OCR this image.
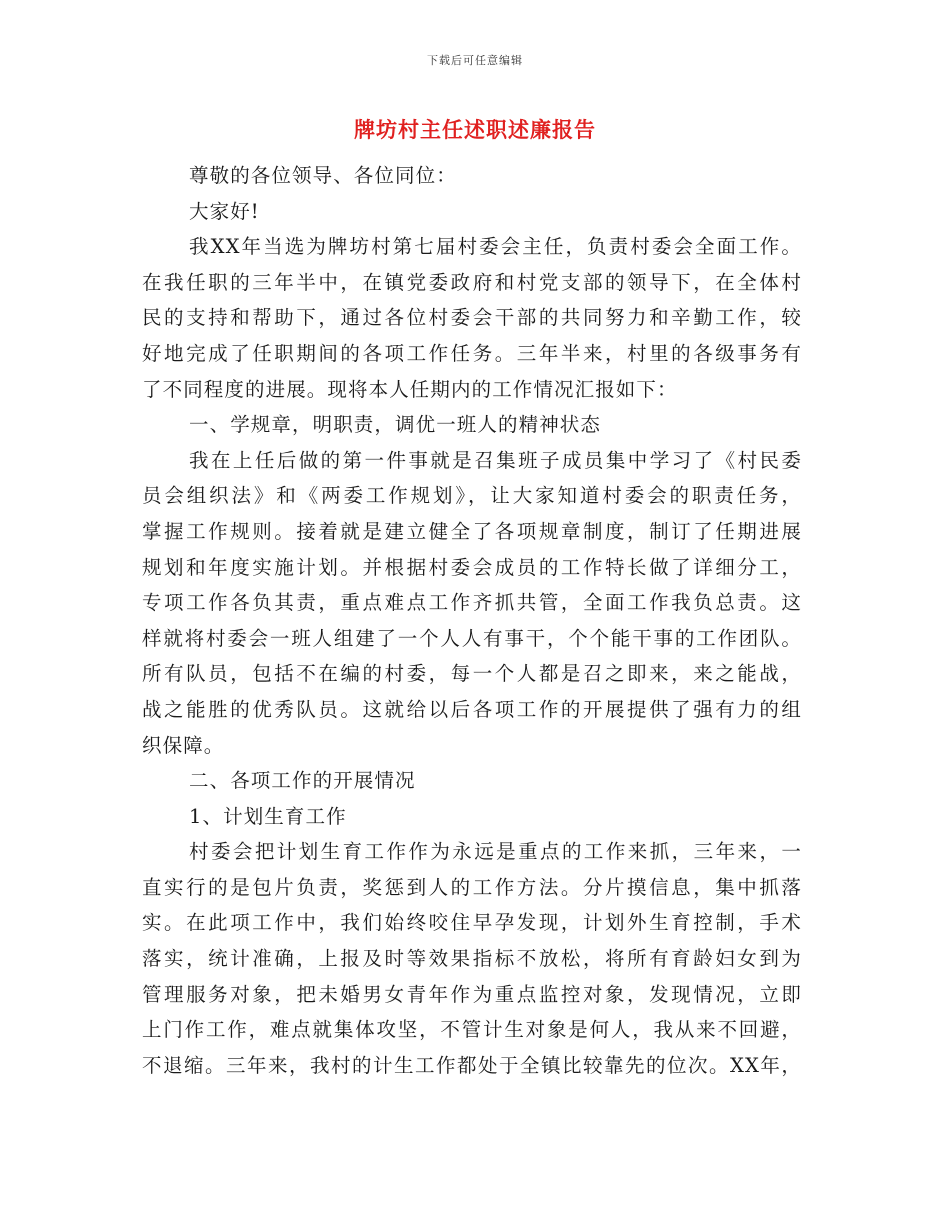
下载后可任意编辑
牌坊村主任述职述廉报告
尊敬的各位领导、各位同位：
大家好!
我XX年当选为牌坊村第七届村委会主任，负责村委会全面工作。
在我任职的三年半中，在镇党委政府和村党支部的领导下，在全体村
民的支持和帮助下，通过各位村委会干部的共同努力和辛勤工作，较
好地完成了任职期间的各项工作任务。三年半来，村里的各级事务有
了不同程度的进展。现将本人任期内的工作情况汇报如下：
一、学规章，明职责，调优一班人的精神状态
我在上任后做的第一件事就是召集班子成员集中学习了《村民委
员会组织法》和《两委工作规划》，让大家知道村委会的职责任务，
掌握工作规则。接着就是建立健全了各项规章制度，制订了任期进展
规划和年度实施计划。并根据村委会成员的工作特长做了详细分工，
专项工作各负其责，重点难点工作齐抓共管，全面工作我负总责。这
样就将村委会一班人组建了一个人人有事干，个个能干事的工作团队。
所有队员，包括不在编的村委，每一个人都是召之即来，来之能战，
战之能胜的优秀队员。这就给以后各项工作的开展提供了强有力的组
织保障。
二、各项工作的开展情况
1、计划生育工作
村委会把计划生育工作作为永远是重点的工作来抓，三年来，一
直实行的是包片负责，奖惩到人的工作方法。分片摸信息，集中抓落
实。在此项工作中，我们始终咬住早孕发现，计划外生育控制，手术
落实，统计准确，上报及时等效果指标不放松，将所有育龄妇女到为
管理服务对象，把未婚男女青年作为重点监控对象，发现情况，立即
上门作工作，难点就集体攻坚，不管计生对象是何人，我从来不回避，
不退缩。三年来，我村的计生工作都处于全镇比较靠先的位次。XX年，
